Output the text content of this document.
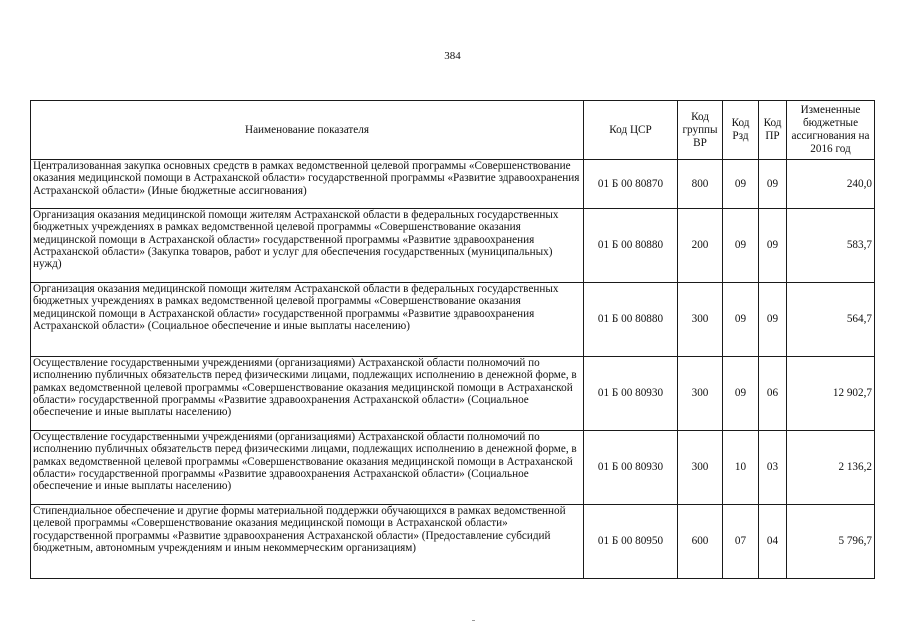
384
Наименование показателя	Код ЦСР	Код группы ВР	Код Рзд	Код ПР	Измененные бюджетные ассигнования на 2016 год
Централизованная закупка основных средств в рамках ведомственной целевой программы «Совершенствование оказания медицинской помощи в Астраханской области» государственной программы «Развитие здравоохранения Астраханской области» (Иные бюджетные ассигнования)	01 Б 00 80870	800	09	09	240,0
Организация оказания медицинской помощи жителям Астраханской области в федеральных государственных бюджетных учреждениях в рамках ведомственной целевой программы «Совершенствование оказания медицинской помощи в Астраханской области» государственной программы «Развитие здравоохранения Астраханской области» (Закупка товаров, работ и услуг для обеспечения государственных (муниципальных) нужд)	01 Б 00 80880	200	09	09	583,7
Организация оказания медицинской помощи жителям Астраханской области в федеральных государственных бюджетных учреждениях в рамках ведомственной целевой программы «Совершенствование оказания медицинской помощи в Астраханской области» государственной программы «Развитие здравоохранения Астраханской области» (Социальное обеспечение и иные выплаты населению)	01 Б 00 80880	300	09	09	564,7
Осуществление государственными учреждениями (организациями) Астраханской области полномочий по исполнению публичных обязательств перед физическими лицами, подлежащих исполнению в денежной форме, в рамках ведомственной целевой программы «Совершенствование оказания медицинской помощи в Астраханской области» государственной программы «Развитие здравоохранения Астраханской области» (Социальное обеспечение и иные выплаты населению)	01 Б 00 80930	300	09	06	12 902,7
Осуществление государственными учреждениями (организациями) Астраханской области полномочий по исполнению публичных обязательств перед физическими лицами, подлежащих исполнению в денежной форме, в рамках ведомственной целевой программы «Совершенствование оказания медицинской помощи в Астраханской области» государственной программы «Развитие здравоохранения Астраханской области» (Социальное обеспечение и иные выплаты населению)	01 Б 00 80930	300	10	03	2 136,2
Стипендиальное обеспечение и другие формы материальной поддержки обучающихся в рамках ведомственной целевой программы «Совершенствование оказания медицинской помощи в Астраханской области» государственной программы «Развитие здравоохранения Астраханской области» (Предоставление субсидий бюджетным, автономным учреждениям и иным некоммерческим организациям)	01 Б 00 80950	600	07	04	5 796,7
